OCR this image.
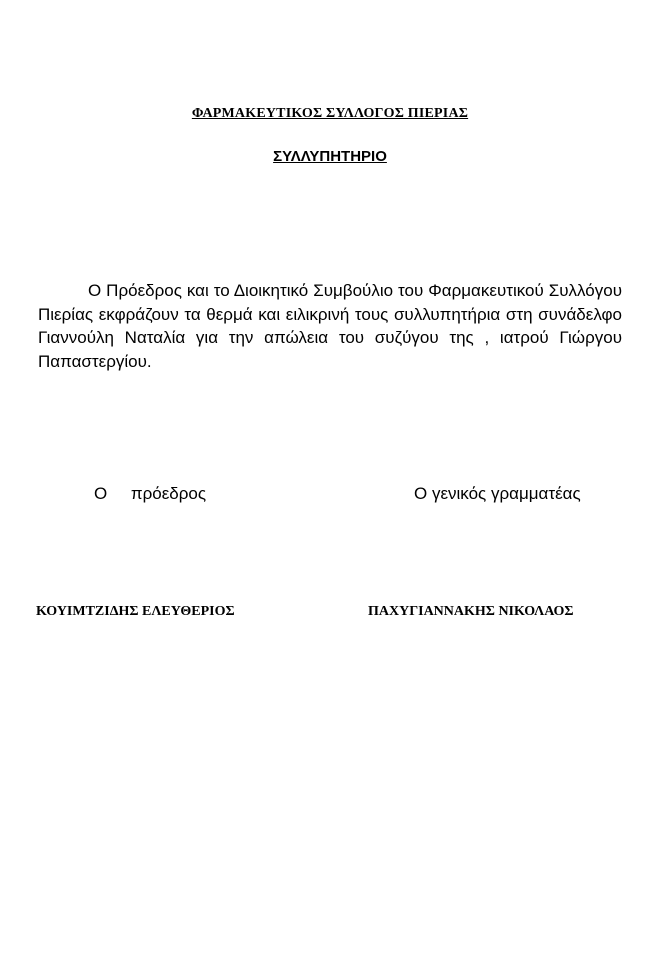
ΦΑΡΜΑΚΕΥΤΙΚΟΣ ΣΥΛΛΟΓΟΣ ΠΙΕΡΙΑΣ
ΣΥΛΛΥΠΗΤΗΡΙΟ

Ο Πρόεδρος και το Διοικητικό Συμβούλιο του Φαρμακευτικού Συλλόγου Πιερίας εκφράζουν τα θερμά και ειλικρινή τους συλλυπητήρια στη συνάδελφο Γιαννούλη Ναταλία για την απώλεια του συζύγου της , ιατρού Γιώργου Παπαστεργίου.

Ο     πρόεδρος	Ο γενικός γραμματέας
ΚΟΥΙΜΤΖΙΔΗΣ ΕΛΕΥΘΕΡΙΟΣ	ΠΑΧΥΓΙΑΝΝΑΚΗΣ ΝΙΚΟΛΑΟΣ
